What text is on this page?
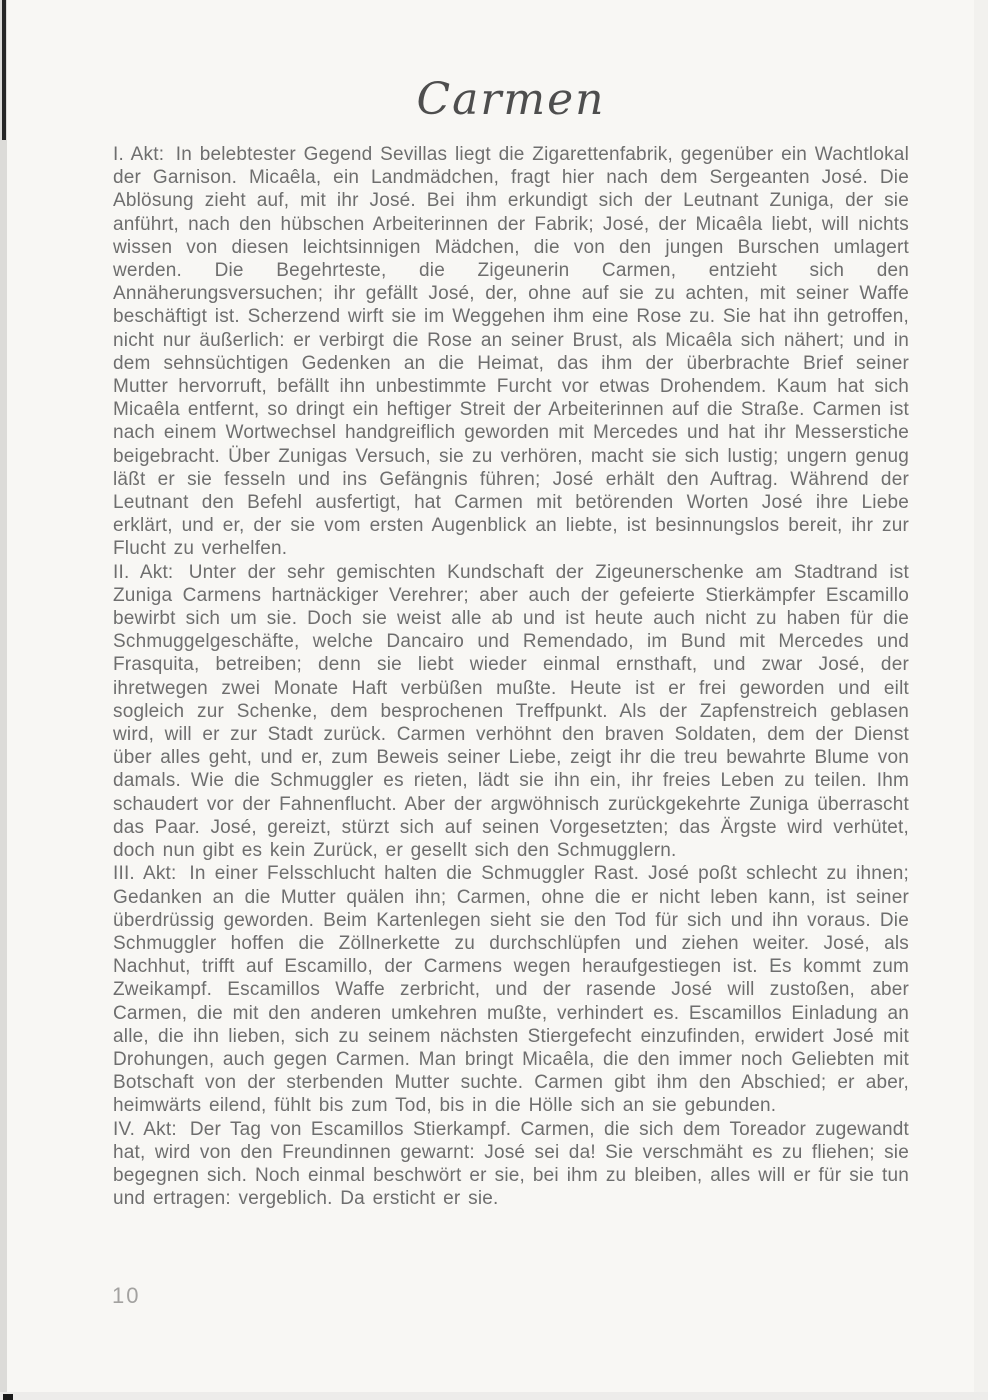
Carmen

I. Akt: In belebtester Gegend Sevillas liegt die Zigarettenfabrik, gegenüber ein Wachtlokal der Garnison. Micaêla, ein Landmädchen, fragt hier nach dem Sergeanten José. Die Ablösung zieht auf, mit ihr José. Bei ihm erkundigt sich der Leutnant Zuniga, der sie anführt, nach den hübschen Arbeiterinnen der Fabrik; José, der Micaêla liebt, will nichts wissen von diesen leichtsinnigen Mädchen, die von den jungen Burschen umlagert werden. Die Begehrteste, die Zigeunerin Carmen, entzieht sich den Annäherungsversuchen; ihr gefällt José, der, ohne auf sie zu achten, mit seiner Waffe beschäftigt ist. Scherzend wirft sie im Weggehen ihm eine Rose zu. Sie hat ihn getroffen, nicht nur äußerlich: er verbirgt die Rose an seiner Brust, als Micaêla sich nähert; und in dem sehnsüchtigen Gedenken an die Heimat, das ihm der überbrachte Brief seiner Mutter hervorruft, befällt ihn unbestimmte Furcht vor etwas Drohendem. Kaum hat sich Micaêla entfernt, so dringt ein heftiger Streit der Arbeiterinnen auf die Straße. Carmen ist nach einem Wortwechsel handgreiflich geworden mit Mercedes und hat ihr Messerstiche beigebracht. Über Zunigas Versuch, sie zu verhören, macht sie sich lustig; ungern genug läßt er sie fesseln und ins Gefängnis führen; José erhält den Auftrag. Während der Leutnant den Befehl ausfertigt, hat Carmen mit betörenden Worten José ihre Liebe erklärt, und er, der sie vom ersten Augenblick an liebte, ist besinnungslos bereit, ihr zur Flucht zu verhelfen.

II. Akt: Unter der sehr gemischten Kundschaft der Zigeunerschenke am Stadtrand ist Zuniga Carmens hartnäckiger Verehrer; aber auch der gefeierte Stierkämpfer Escamillo bewirbt sich um sie. Doch sie weist alle ab und ist heute auch nicht zu haben für die Schmuggelgeschäfte, welche Dancairo und Remendado, im Bund mit Mercedes und Frasquita, betreiben; denn sie liebt wieder einmal ernsthaft, und zwar José, der ihretwegen zwei Monate Haft verbüßen mußte. Heute ist er frei geworden und eilt sogleich zur Schenke, dem besprochenen Treffpunkt. Als der Zapfenstreich geblasen wird, will er zur Stadt zurück. Carmen verhöhnt den braven Soldaten, dem der Dienst über alles geht, und er, zum Beweis seiner Liebe, zeigt ihr die treu bewahrte Blume von damals. Wie die Schmuggler es rieten, lädt sie ihn ein, ihr freies Leben zu teilen. Ihm schaudert vor der Fahnenflucht. Aber der argwöhnisch zurückgekehrte Zuniga überrascht das Paar. José, gereizt, stürzt sich auf seinen Vorgesetzten; das Ärgste wird verhütet, doch nun gibt es kein Zurück, er gesellt sich den Schmugglern.

III. Akt: In einer Felsschlucht halten die Schmuggler Rast. José poßt schlecht zu ihnen; Gedanken an die Mutter quälen ihn; Carmen, ohne die er nicht leben kann, ist seiner überdrüssig geworden. Beim Kartenlegen sieht sie den Tod für sich und ihn voraus. Die Schmuggler hoffen die Zöllnerkette zu durchschlüpfen und ziehen weiter. José, als Nachhut, trifft auf Escamillo, der Carmens wegen heraufgestiegen ist. Es kommt zum Zweikampf. Escamillos Waffe zerbricht, und der rasende José will zustoßen, aber Carmen, die mit den anderen umkehren mußte, verhindert es. Escamillos Einladung an alle, die ihn lieben, sich zu seinem nächsten Stiergefecht einzufinden, erwidert José mit Drohungen, auch gegen Carmen. Man bringt Micaêla, die den immer noch Geliebten mit Botschaft von der sterbenden Mutter suchte. Carmen gibt ihm den Abschied; er aber, heimwärts eilend, fühlt bis zum Tod, bis in die Hölle sich an sie gebunden.

IV. Akt: Der Tag von Escamillos Stierkampf. Carmen, die sich dem Toreador zugewandt hat, wird von den Freundinnen gewarnt: José sei da! Sie verschmäht es zu fliehen; sie begegnen sich. Noch einmal beschwört er sie, bei ihm zu bleiben, alles will er für sie tun und ertragen: vergeblich. Da ersticht er sie.

10
